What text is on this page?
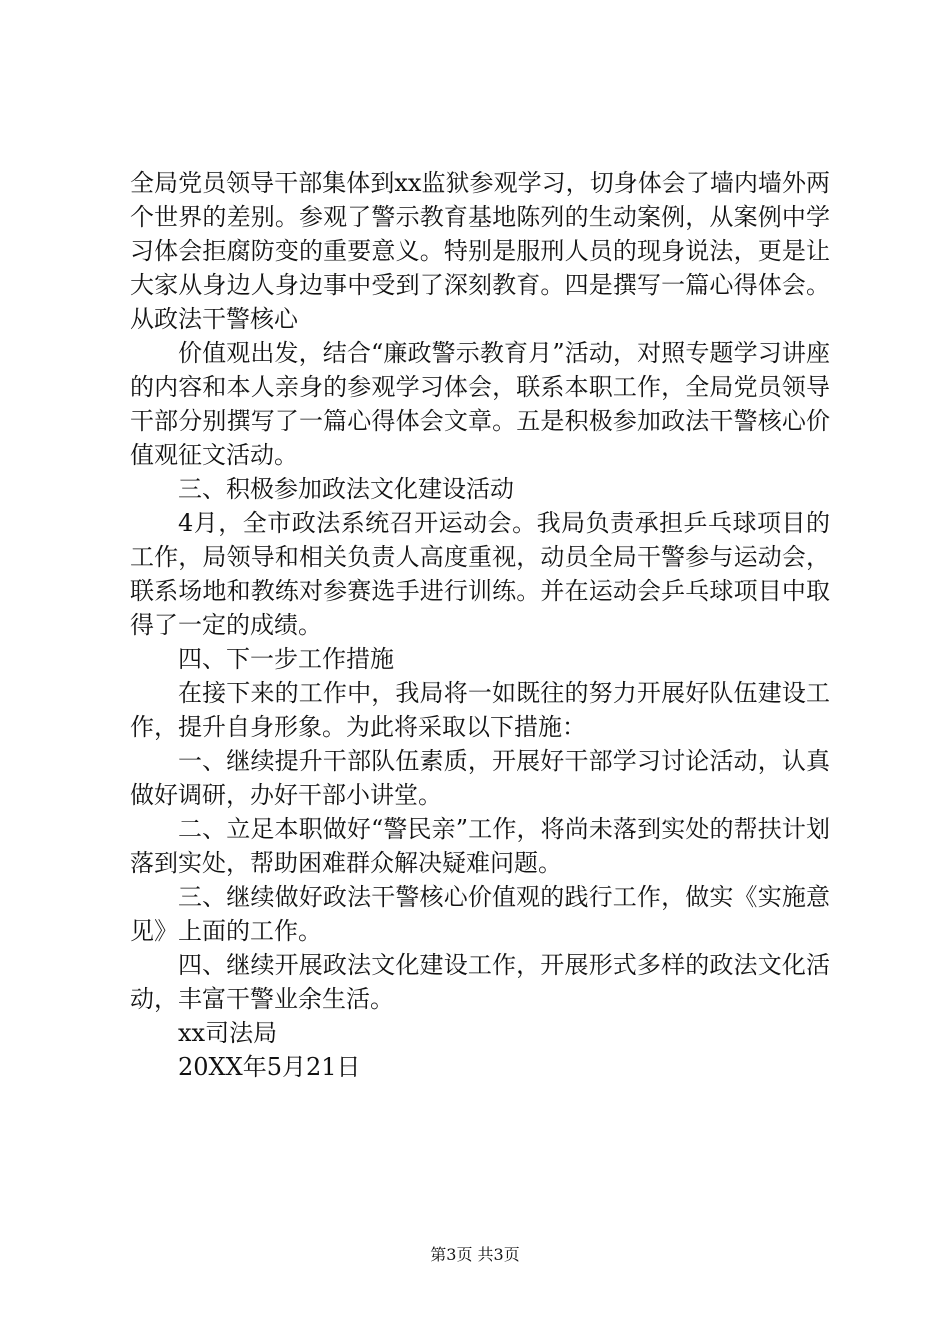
全局党员领导干部集体到xx监狱参观学习，切身体会了墙内墙外两个世界的差别。参观了警示教育基地陈列的生动案例，从案例中学习体会拒腐防变的重要意义。特别是服刑人员的现身说法，更是让大家从身边人身边事中受到了深刻教育。四是撰写一篇心得体会。从政法干警核心

价值观出发，结合“廉政警示教育月”活动，对照专题学习讲座的内容和本人亲身的参观学习体会，联系本职工作，全局党员领导干部分别撰写了一篇心得体会文章。五是积极参加政法干警核心价值观征文活动。

三、积极参加政法文化建设活动

4月，全市政法系统召开运动会。我局负责承担乒乓球项目的工作，局领导和相关负责人高度重视，动员全局干警参与运动会，联系场地和教练对参赛选手进行训练。并在运动会乒乓球项目中取得了一定的成绩。

四、下一步工作措施

在接下来的工作中，我局将一如既往的努力开展好队伍建设工作，提升自身形象。为此将采取以下措施：

一、继续提升干部队伍素质，开展好干部学习讨论活动，认真做好调研，办好干部小讲堂。

二、立足本职做好“警民亲”工作，将尚未落到实处的帮扶计划落到实处，帮助困难群众解决疑难问题。

三、继续做好政法干警核心价值观的践行工作，做实《实施意见》上面的工作。

四、继续开展政法文化建设工作，开展形式多样的政法文化活动，丰富干警业余生活。

xx司法局

20XX年5月21日

第3页 共3页
